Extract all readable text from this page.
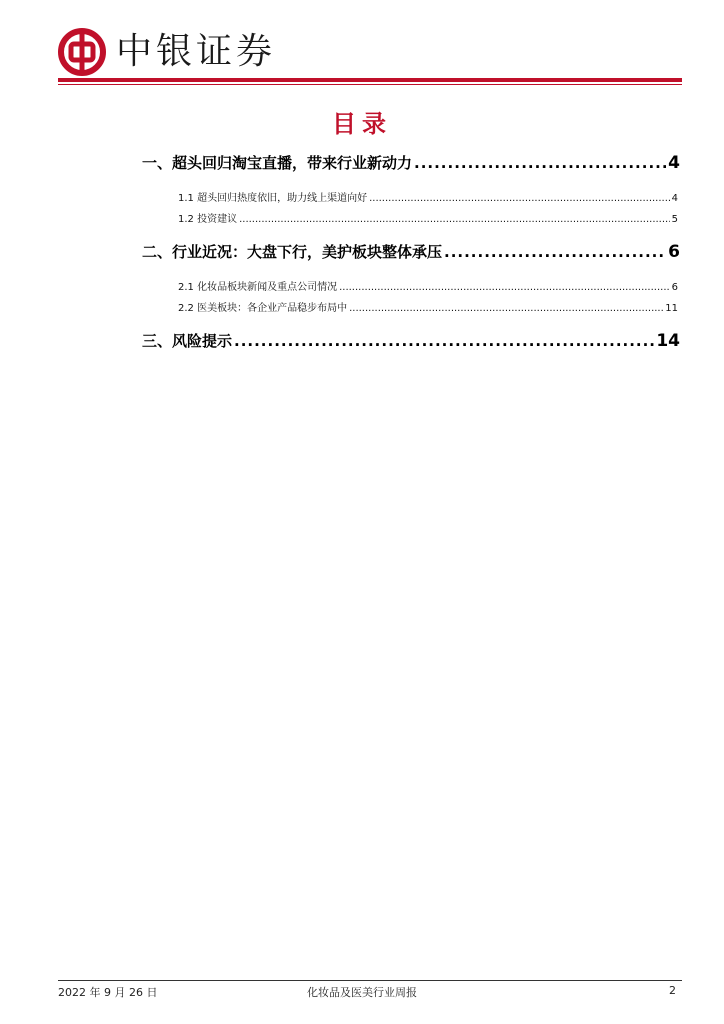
中银证券
目录
一、超头回归淘宝直播，带来行业新动力 .....	4
1.1 超头回归热度依旧，助力线上渠道向好 .....	4
1.2 投资建议 .....	5
二、行业近况：大盘下行，美护板块整体承压 .....	6
2.1 化妆品板块新闻及重点公司情况 .....	6
2.2 医美板块：各企业产品稳步布局中 .....	11
三、风险提示 .....	14
2022 年 9 月 26 日	化妆品及医美行业周报	2
